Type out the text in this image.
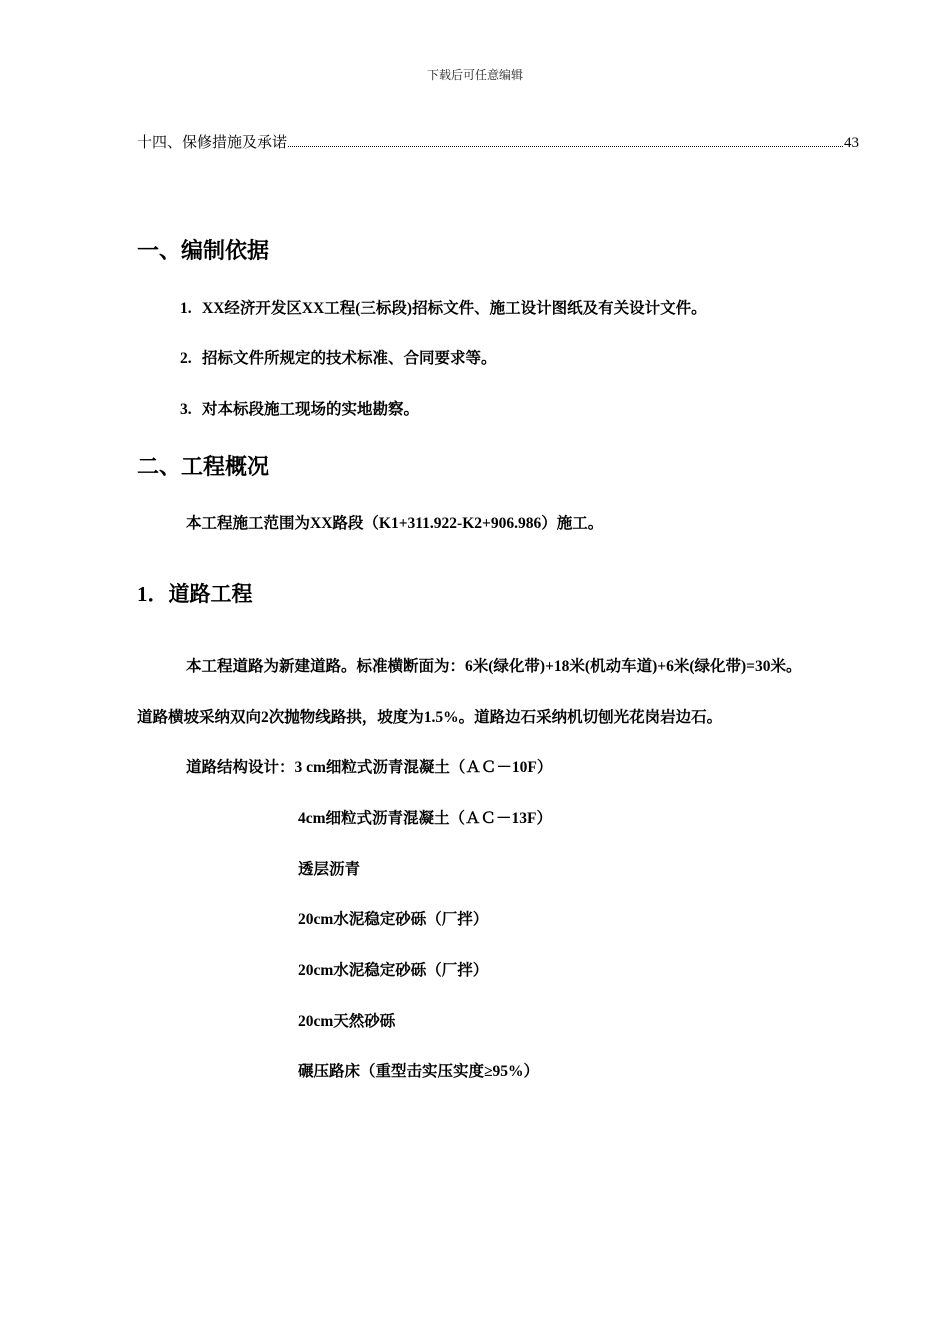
下载后可任意编辑
十四、保修措施及承诺	43
一、编制依据
1. XX经济开发区XX工程(三标段)招标文件、施工设计图纸及有关设计文件。
2. 招标文件所规定的技术标准、合同要求等。
3. 对本标段施工现场的实地勘察。
二、工程概况
本工程施工范围为XX路段（K1+311.922-K2+906.986）施工。
1．道路工程
本工程道路为新建道路。标准横断面为：6米(绿化带)+18米(机动车道)+6米(绿化带)=30米。
道路横坡采纳双向2次抛物线路拱，坡度为1.5%。道路边石采纳机切刨光花岗岩边石。
道路结构设计：3 cm细粒式沥青混凝土（ＡＣ－10F）
4cm细粒式沥青混凝土（ＡＣ－13F）
透层沥青
20cm水泥稳定砂砾（厂拌）
20cm水泥稳定砂砾（厂拌）
20cm天然砂砾
碾压路床（重型击实压实度≥95%）
